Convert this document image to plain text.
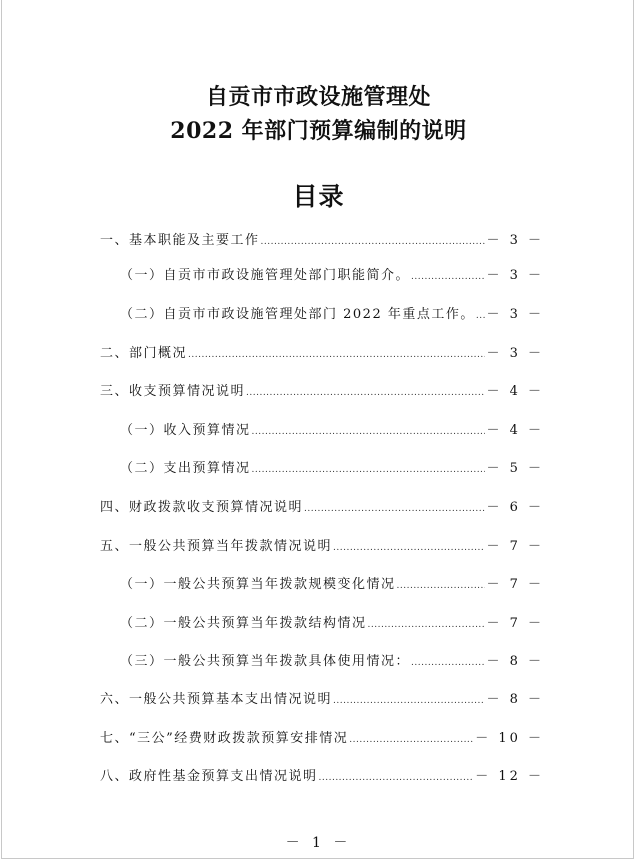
自贡市市政设施管理处
2022 年部门预算编制的说明
目录
一、基本职能及主要工作 .....	－ 3 －
（一）自贡市市政设施管理处部门职能简介。 .....	－ 3 －
（二）自贡市市政设施管理处部门 2022 年重点工作。 ..... － 3 －
二、部门概况 .....	－ 3 －
三、收支预算情况说明 .....	－ 4 －
（一）收入预算情况 .....	－ 4 －
（二）支出预算情况 .....	－ 5 －
四、财政拨款收支预算情况说明 .....	－ 6 －
五、一般公共预算当年拨款情况说明 .....	－ 7 －
（一）一般公共预算当年拨款规模变化情况 .....	－ 7 －
（二）一般公共预算当年拨款结构情况 .....	－ 7 －
（三）一般公共预算当年拨款具体使用情况： .....	－ 8 －
六、一般公共预算基本支出情况说明 .....	－ 8 －
七、“三公”经费财政拨款预算安排情况 .....	－ 10 －
八、政府性基金预算支出情况说明 .....	－ 12 －
－ 1 －
